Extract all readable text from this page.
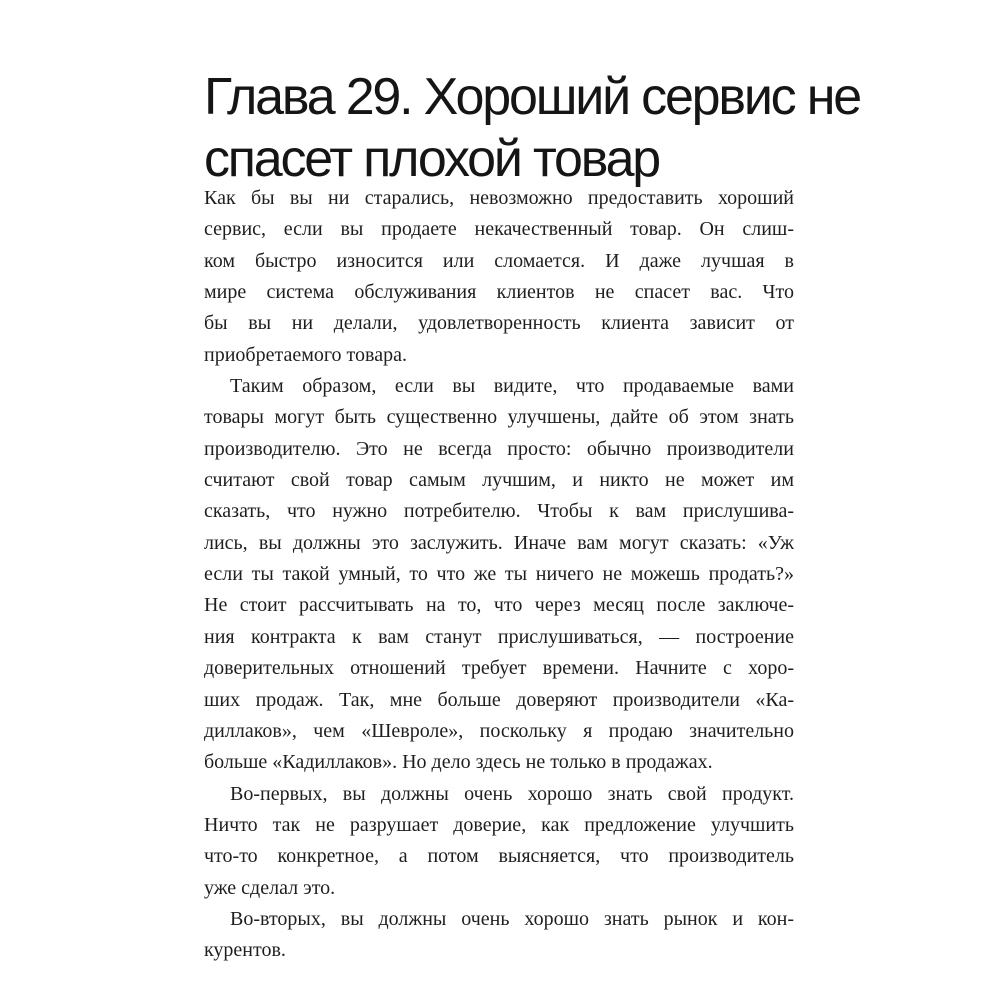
Глава 29. Хороший сервис не
спасет плохой товар
Как бы вы ни старались, невозможно предоставить хороший
сервис, если вы продаете некачественный товар. Он слиш-
ком быстро износится или сломается. И даже лучшая в
мире система обслуживания клиентов не спасет вас. Что
бы вы ни делали, удовлетворенность клиента зависит от
приобретаемого товара.
Таким образом, если вы видите, что продаваемые вами
товары могут быть существенно улучшены, дайте об этом знать
производителю. Это не всегда просто: обычно производители
считают свой товар самым лучшим, и никто не может им
сказать, что нужно потребителю. Чтобы к вам прислушива-
лись, вы должны это заслужить. Иначе вам могут сказать: «Уж
если ты такой умный, то что же ты ничего не можешь продать?»
Не стоит рассчитывать на то, что через месяц после заключе-
ния контракта к вам станут прислушиваться, — построение
доверительных отношений требует времени. Начните с хоро-
ших продаж. Так, мне больше доверяют производители «Ка-
диллаков», чем «Шевроле», поскольку я продаю значительно
больше «Кадиллаков». Но дело здесь не только в продажах.
Во-первых, вы должны очень хорошо знать свой продукт.
Ничто так не разрушает доверие, как предложение улучшить
что-то конкретное, а потом выясняется, что производитель
уже сделал это.
Во-вторых, вы должны очень хорошо знать рынок и кон-
курентов.
